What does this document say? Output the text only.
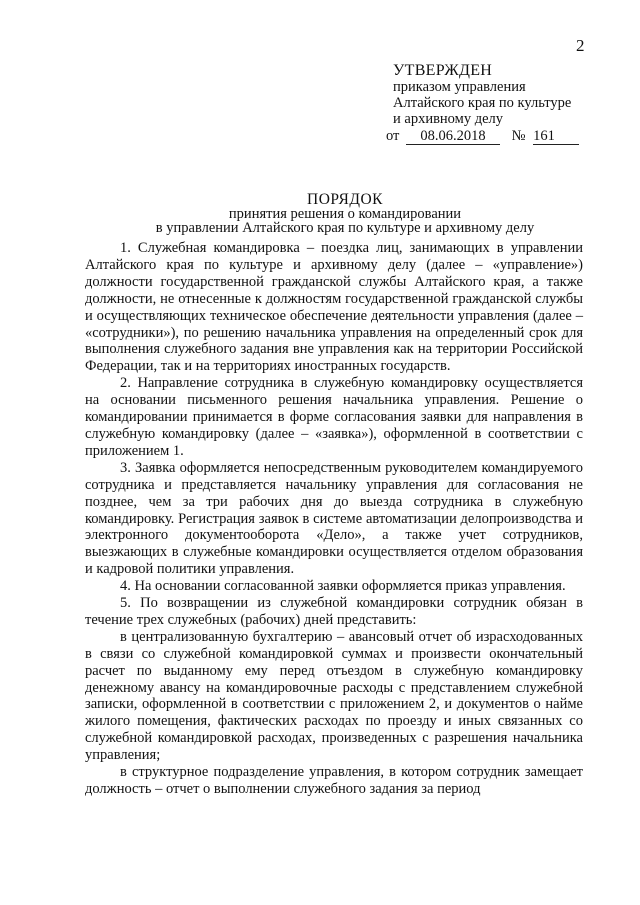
2
УТВЕРЖДЕН
приказом управления
Алтайского края по культуре
и архивному делу
от 08.06.2018 № 161
ПОРЯДОК
принятия решения о командировании
в управлении Алтайского края по культуре и архивному делу

1. Служебная командировка – поездка лиц, занимающих в управлении Алтайского края по культуре и архивному делу (далее – «управление») должности государственной гражданской службы Алтайского края, а также должности, не отнесенные к должностям государственной гражданской службы и осуществляющих техническое обеспечение деятельности управления (далее – «сотрудники»), по решению начальника управления на определенный срок для выполнения служебного задания вне управления как на территории Российской Федерации, так и на территориях иностранных государств.

2. Направление сотрудника в служебную командировку осуществляется на основании письменного решения начальника управления. Решение о командировании принимается в форме согласования заявки для направления в служебную командировку (далее – «заявка»), оформленной в соответствии с приложением 1.

3. Заявка оформляется непосредственным руководителем командируемого сотрудника и представляется начальнику управления для согласования не позднее, чем за три рабочих дня до выезда сотрудника в служебную командировку. Регистрация заявок в системе автоматизации делопроизводства и электронного документооборота «Дело», а также учет сотрудников, выезжающих в служебные командировки осуществляется отделом образования и кадровой политики управления.

4. На основании согласованной заявки оформляется приказ управления.

5. По возвращении из служебной командировки сотрудник обязан в течение трех служебных (рабочих) дней представить:

в централизованную бухгалтерию – авансовый отчет об израсходованных в связи со служебной командировкой суммах и произвести окончательный расчет по выданному ему перед отъездом в служебную командировку денежному авансу на командировочные расходы с представлением служебной записки, оформленной в соответствии с приложением 2, и документов о найме жилого помещения, фактических расходах по проезду и иных связанных со служебной командировкой расходах, произведенных с разрешения начальника управления;

в структурное подразделение управления, в котором сотрудник замещает должность – отчет о выполнении служебного задания за период
